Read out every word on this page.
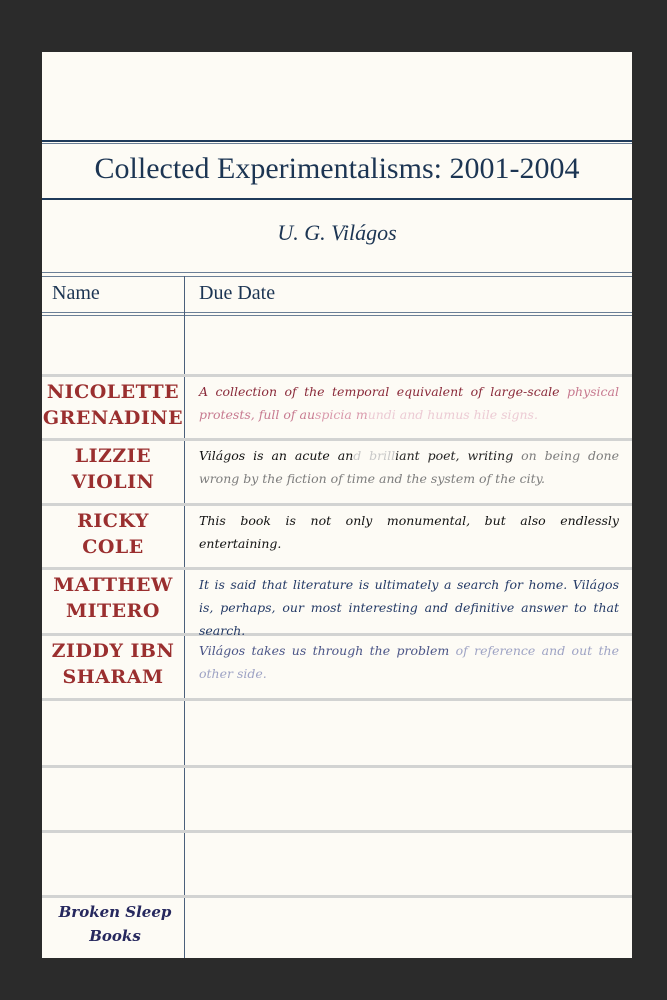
Collected Experimentalisms: 2001-2004
U. G. Világos
Name	Due Date
Broken Sleep
Books
NICOLETTE
GRENADINE
A collection of the temporal equivalent of large-scale physical protests, full of auspicia mundi and humus hile signs.
LIZZIE
VIOLIN
Világos is an acute and brilliant poet, writing on being done wrong by the fiction of time and the system of the city.
RICKY
COLE
This book is not only monumental, but also endlessly entertaining.
MATTHEW
MITERO
It is said that literature is ultimately a search for home. Világos is, perhaps, our most interesting and definitive answer to that search.
ZIDDY IBN
SHARAM
Világos takes us through the problem of reference and out the other side.
